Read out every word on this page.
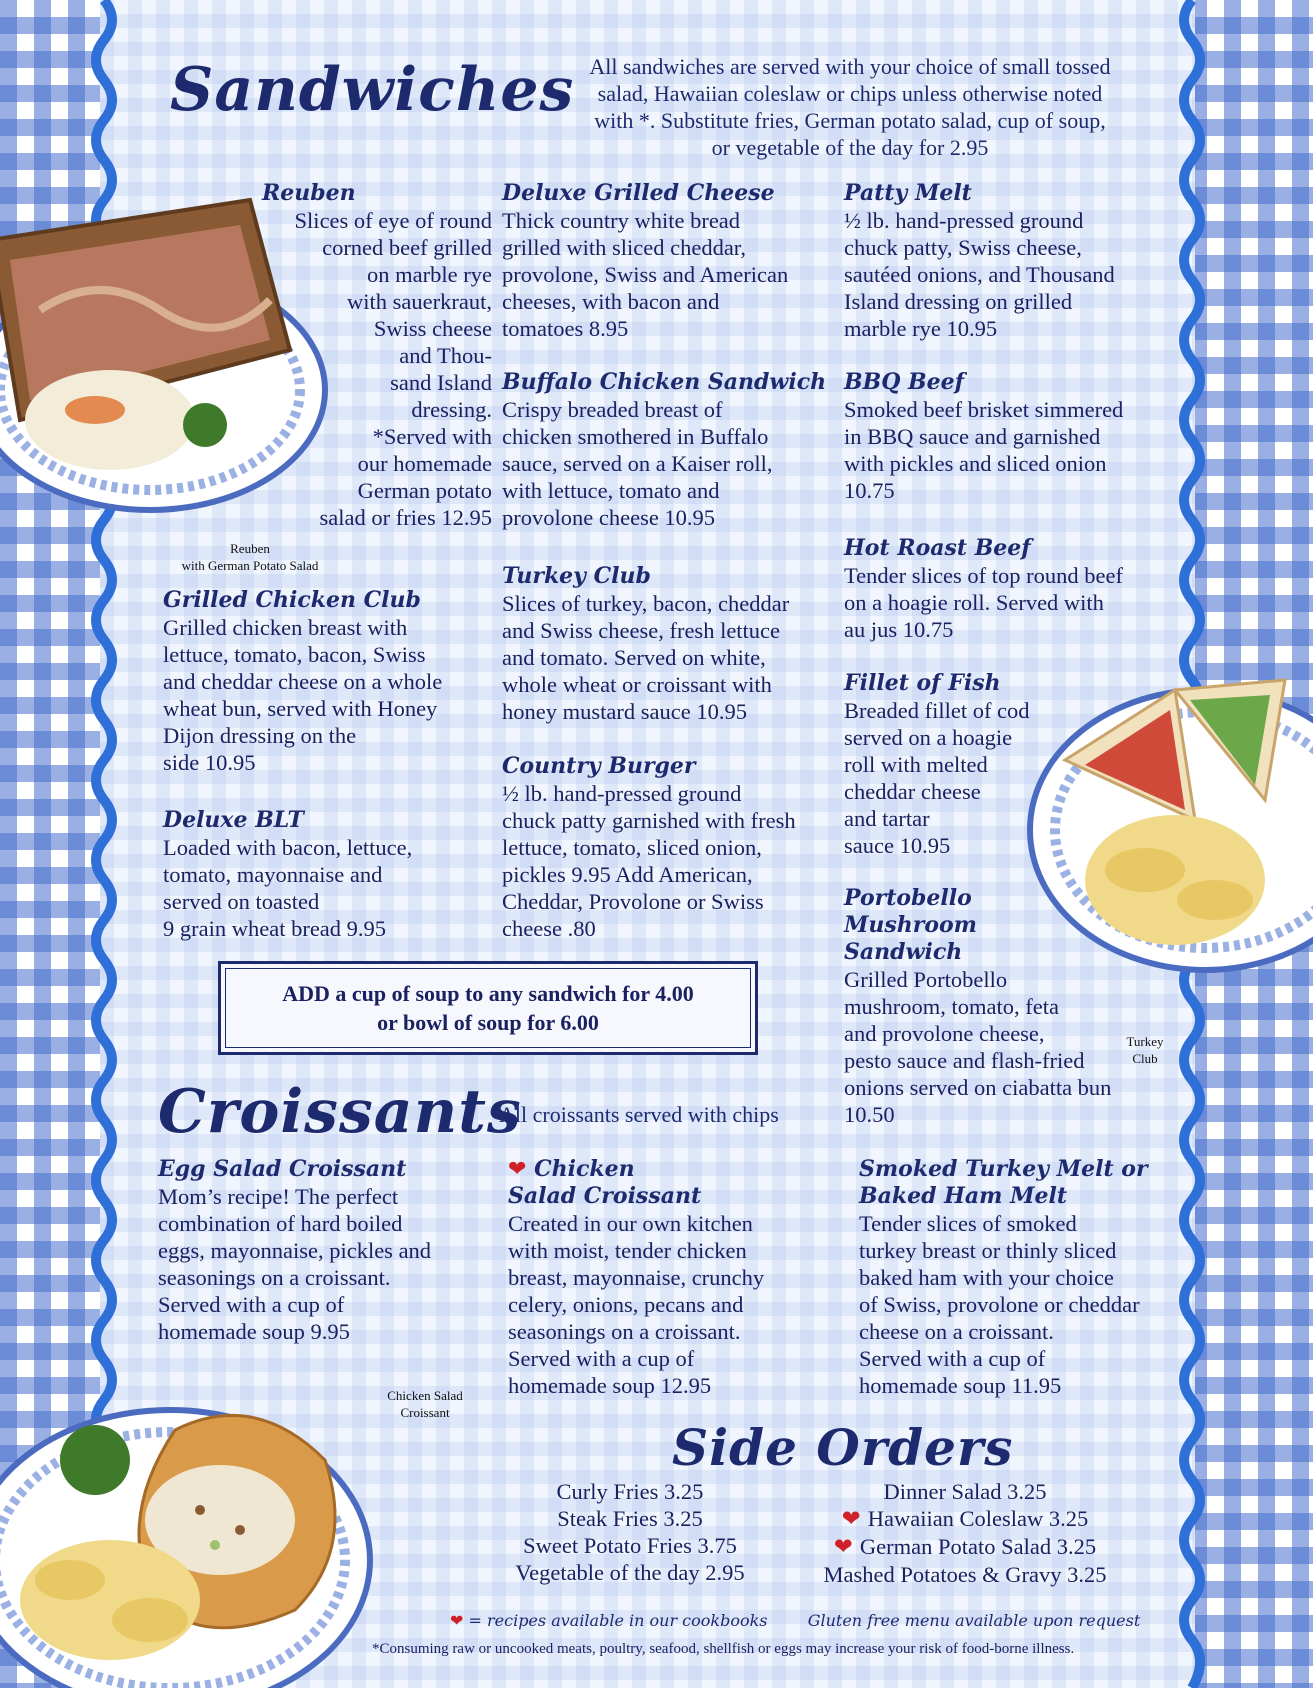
Sandwiches All sandwiches are served with your choice of small tossed
salad, Hawaiian coleslaw or chips unless otherwise noted
with *. Substitute fries, German potato salad, cup of soup,
or vegetable of the day for 2.95

Reuben

Slices of eye of round
corned beef grilled
on marble rye
with sauerkraut,
Swiss cheese
and Thou-
sand Island
dressing.
*Served with
our homemade
German potato
salad or fries 12.95

Reuben
with German Potato Salad

Grilled Chicken Club

Grilled chicken breast with
lettuce, tomato, bacon, Swiss
and cheddar cheese on a whole
wheat bun, served with Honey
Dijon dressing on the
side 10.95

Deluxe BLT

Loaded with bacon, lettuce,
tomato, mayonnaise and
served on toasted
9 grain wheat bread 9.95

Deluxe Grilled Cheese

Thick country white bread
grilled with sliced cheddar,
provolone, Swiss and American
cheeses, with bacon and
tomatoes 8.95

Buffalo Chicken Sandwich

Crispy breaded breast of
chicken smothered in Buffalo
sauce, served on a Kaiser roll,
with lettuce, tomato and
provolone cheese 10.95

Turkey Club

Slices of turkey, bacon, cheddar
and Swiss cheese, fresh lettuce
and tomato. Served on white,
whole wheat or croissant with
honey mustard sauce 10.95

Country Burger

½ lb. hand-pressed ground
chuck patty garnished with fresh
lettuce, tomato, sliced onion,
pickles 9.95 Add American,
Cheddar, Provolone or Swiss
cheese .80

Patty Melt

½ lb. hand-pressed ground
chuck patty, Swiss cheese,
sautéed onions, and Thousand
Island dressing on grilled
marble rye 10.95

BBQ Beef

Smoked beef brisket simmered
in BBQ sauce and garnished
with pickles and sliced onion
10.75

Hot Roast Beef

Tender slices of top round beef
on a hoagie roll. Served with
au jus 10.75

Fillet of Fish

Breaded fillet of cod
served on a hoagie
roll with melted
cheddar cheese
and tartar
sauce 10.95

Portobello
Mushroom
Sandwich

Grilled Portobello
mushroom, tomato, feta
and provolone cheese,
pesto sauce and flash-fried
onions served on ciabatta bun
10.50

Turkey
Club
ADD a cup of soup to any sandwich for 4.00
or bowl of soup for 6.00
Croissants
All croissants served with chips

Egg Salad Croissant

Mom’s recipe! The perfect
combination of hard boiled
eggs, mayonnaise, pickles and
seasonings on a croissant.
Served with a cup of
homemade soup 9.95

❤ Chicken

Salad Croissant

Created in our own kitchen
with moist, tender chicken
breast, mayonnaise, crunchy
celery, onions, pecans and
seasonings on a croissant.
Served with a cup of
homemade soup 12.95

Smoked Turkey Melt or
Baked Ham Melt

Tender slices of smoked
turkey breast or thinly sliced
baked ham with your choice
of Swiss, provolone or cheddar
cheese on a croissant.
Served with a cup of
homemade soup 11.95

Chicken Salad
Croissant
Side Orders
Curly Fries 3.25
Steak Fries 3.25
Sweet Potato Fries 3.75
Vegetable of the day 2.95
Dinner Salad 3.25
❤ Hawaiian Coleslaw 3.25
❤ German Potato Salad 3.25
Mashed Potatoes & Gravy 3.25
❤ = recipes available in our cookbooks	Gluten free menu available upon request
*Consuming raw or uncooked meats, poultry, seafood, shellfish or eggs may increase your risk of food-borne illness.
